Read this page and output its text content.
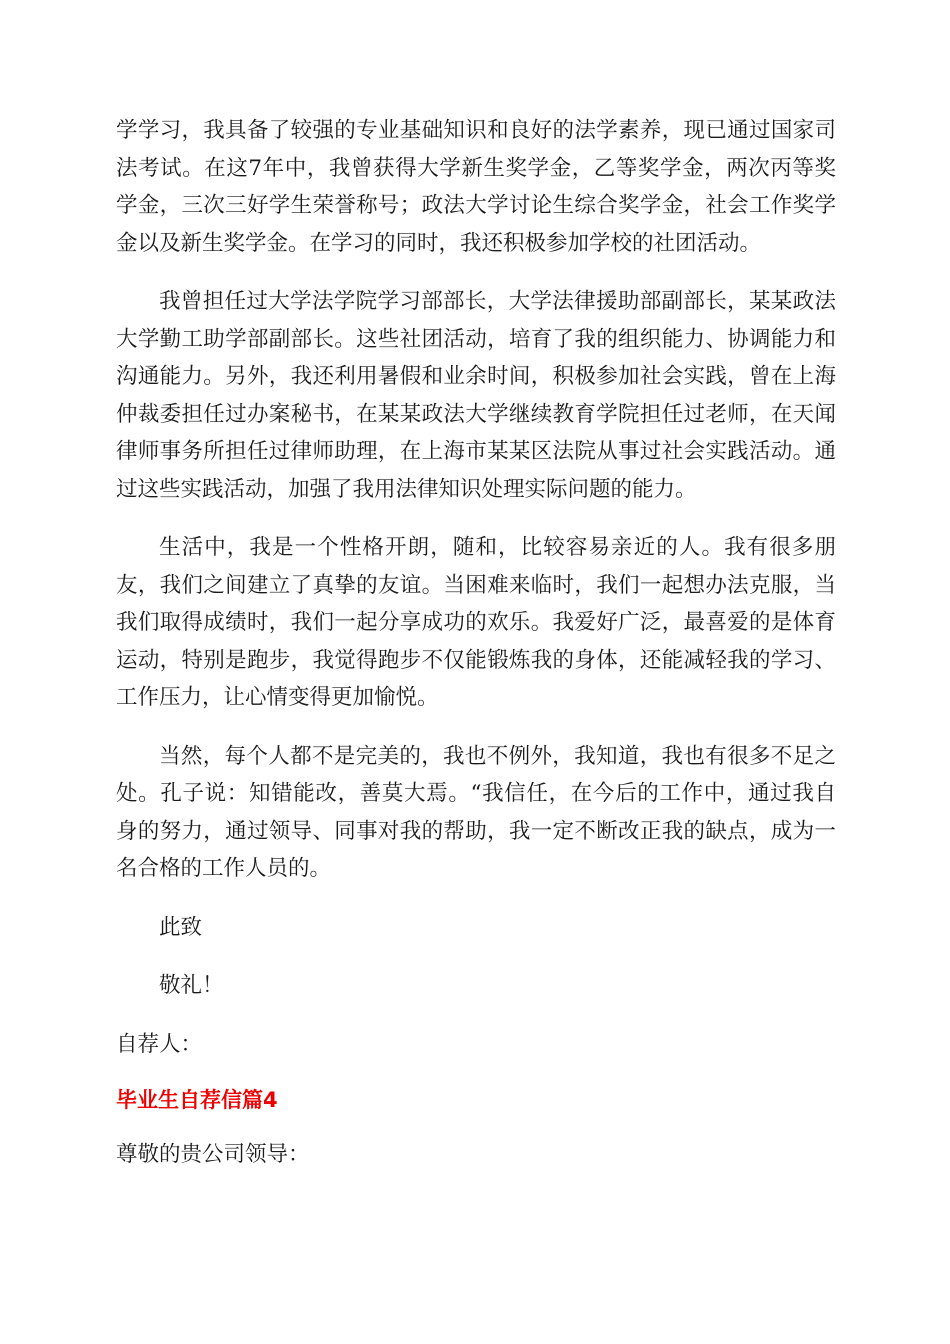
学学习，我具备了较强的专业基础知识和良好的法学素养，现已通过国家司法考试。在这7年中，我曾获得大学新生奖学金，乙等奖学金，两次丙等奖学金，三次三好学生荣誉称号；政法大学讨论生综合奖学金，社会工作奖学金以及新生奖学金。在学习的同时，我还积极参加学校的社团活动。

我曾担任过大学法学院学习部部长，大学法律援助部副部长，某某政法大学勤工助学部副部长。这些社团活动，培育了我的组织能力、协调能力和沟通能力。另外，我还利用暑假和业余时间，积极参加社会实践，曾在上海仲裁委担任过办案秘书，在某某政法大学继续教育学院担任过老师，在天闻律师事务所担任过律师助理，在上海市某某区法院从事过社会实践活动。通过这些实践活动，加强了我用法律知识处理实际问题的能力。

生活中，我是一个性格开朗，随和，比较容易亲近的人。我有很多朋友，我们之间建立了真挚的友谊。当困难来临时，我们一起想办法克服，当我们取得成绩时，我们一起分享成功的欢乐。我爱好广泛，最喜爱的是体育运动，特别是跑步，我觉得跑步不仅能锻炼我的身体，还能减轻我的学习、工作压力，让心情变得更加愉悦。

当然，每个人都不是完美的，我也不例外，我知道，我也有很多不足之处。孔子说：知错能改，善莫大焉。“我信任，在今后的工作中，通过我自身的努力，通过领导、同事对我的帮助，我一定不断改正我的缺点，成为一名合格的工作人员的。

此致

敬礼！

自荐人：

毕业生自荐信篇4

尊敬的贵公司领导：
